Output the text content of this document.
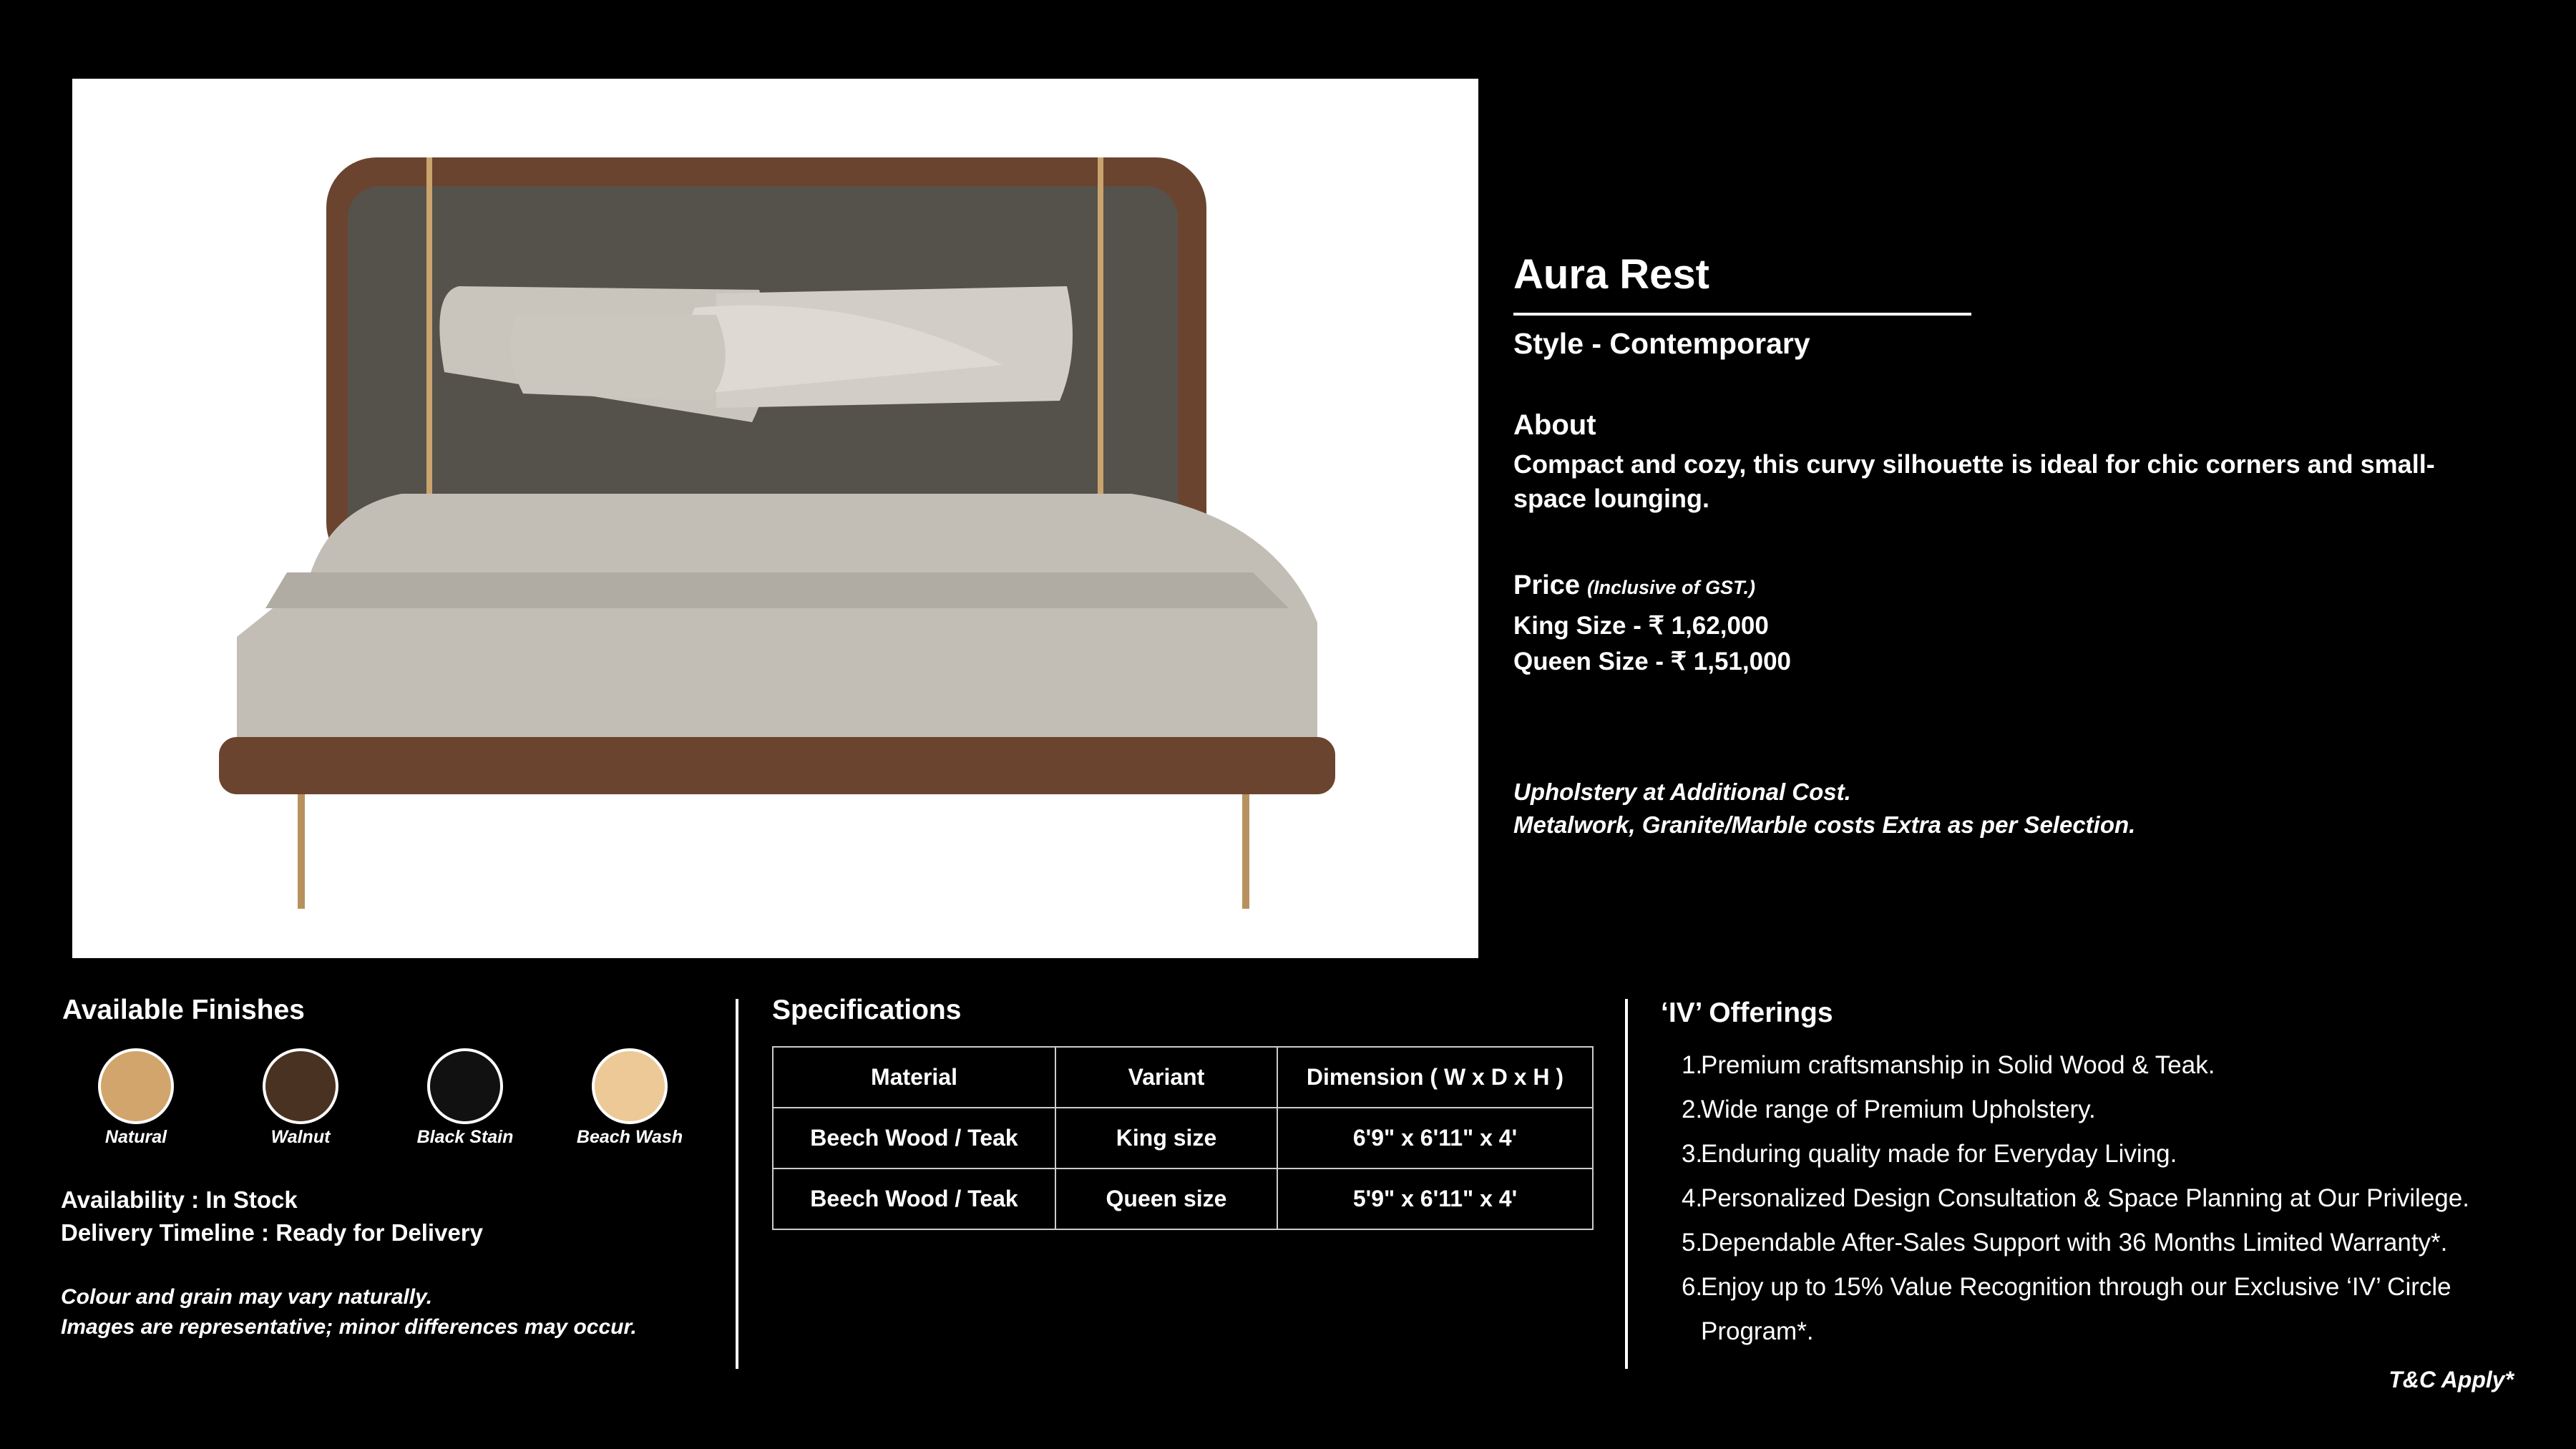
Aura Rest
Style - Contemporary
About
Compact and cozy, this curvy silhouette is ideal for chic corners and small-space lounging.
Price (Inclusive of GST.)
King Size - ₹ 1,62,000
Queen Size - ₹ 1,51,000
Upholstery at Additional Cost.
Metalwork, Granite/Marble costs Extra as per Selection.
Available Finishes
Natural	Walnut	Black Stain	Beach Wash
Availability : In Stock
Delivery Timeline : Ready for Delivery
Colour and grain may vary naturally.
Images are representative; minor differences may occur.
Specifications
Material	Variant	Dimension ( W x D x H )
Beech Wood / Teak	King size	6'9" x 6'11" x 4'
Beech Wood / Teak	Queen size	5'9" x 6'11" x 4'
‘IV’ Offerings
1.
Premium craftsmanship in Solid Wood & Teak.
2.
Wide range of Premium Upholstery.
3.
Enduring quality made for Everyday Living.
4.
Personalized Design Consultation & Space Planning at Our Privilege.
5.
Dependable After-Sales Support with 36 Months Limited Warranty*.
6.
Enjoy up to 15% Value Recognition through our Exclusive ‘IV’ Circle
Program*.
T&C Apply*
